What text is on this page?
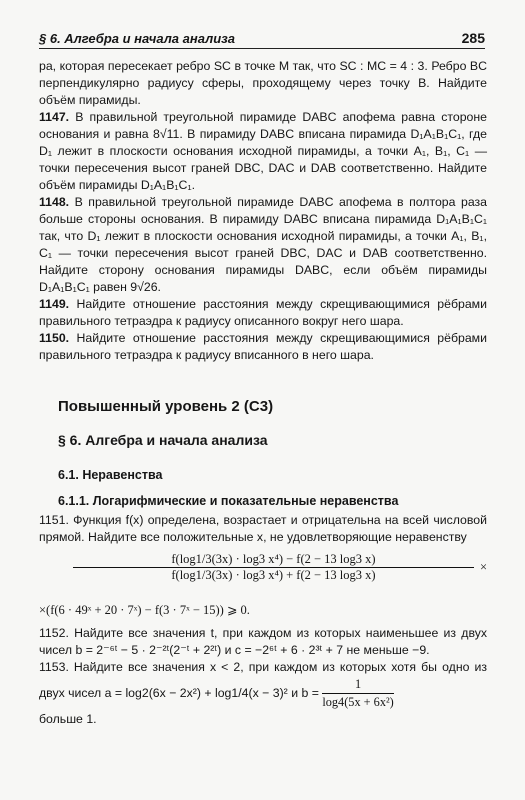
§ 6. Алгебра и начала анализа	285

ра, которая пересекает ребро SC в точке M так, что SC : MC = 4 : 3. Ребро BC перпендикулярно радиусу сферы, проходящему через точку B. Найдите объём пирамиды.

1147. В правильной треугольной пирамиде DABC апофема равна стороне основания и равна 8√11. В пирамиду DABC вписана пирамида D₁A₁B₁C₁, где D₁ лежит в плоскости основания исходной пирамиды, а точки A₁, B₁, C₁ — точки пересечения высот граней DBC, DAC и DAB соответственно. Найдите объём пирамиды D₁A₁B₁C₁.

1148. В правильной треугольной пирамиде DABC апофема в полтора раза больше стороны основания. В пирамиду DABC вписана пирамида D₁A₁B₁C₁ так, что D₁ лежит в плоскости основания исходной пирамиды, а точки A₁, B₁, C₁ — точки пересечения высот граней DBC, DAC и DAB соответственно. Найдите сторону основания пирамиды DABC, если объём пирамиды D₁A₁B₁C₁ равен 9√26.

1149. Найдите отношение расстояния между скрещивающимися рёбрами правильного тетраэдра к радиусу описанного вокруг него шара.

1150. Найдите отношение расстояния между скрещивающимися рёбрами правильного тетраэдра к радиусу вписанного в него шара.

Повышенный уровень 2 (C3)
§ 6. Алгебра и начала анализа
6.1. Неравенства
6.1.1. Логарифмические и показательные неравенства

1151. Функция f(x) определена, возрастает и отрицательна на всей числовой прямой. Найдите все положительные x, не удовлетворяющие неравенству

f(log1/3(3x) · log3 x⁴) − f(2 − 13 log3 x)
f(log1/3(3x) · log3 x⁴) + f(2 − 13 log3 x)
×
×(f(6 · 49ˣ + 20 · 7ˣ) − f(3 · 7ˣ − 15)) ⩾ 0.

1152. Найдите все значения t, при каждом из которых наименьшее из двух чисел b = 2⁻⁶ᵗ − 5 · 2⁻²ᵗ(2⁻ᵗ + 2²ᵗ) и c = −2⁶ᵗ + 6 · 2³ᵗ + 7 не меньше −9.

1153. Найдите все значения x < 2, при каждом из которых хотя бы одно из двух чисел a = log2(6x − 2x²) + log1/4(x − 3)² и $b = \frac{1}{\text{log4(5x + 6x²)}}$

больше 1.
